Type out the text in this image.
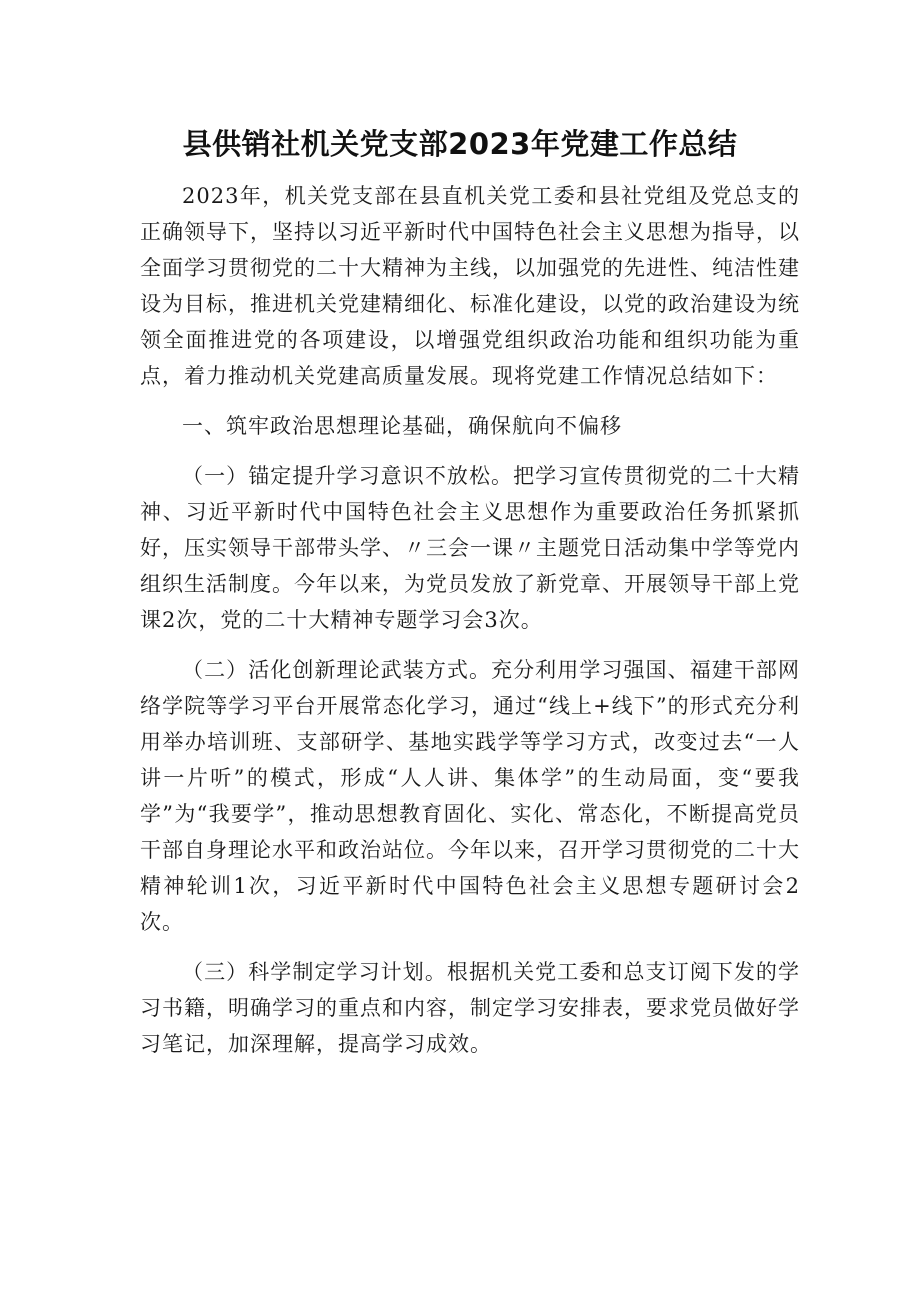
县供销社机关党支部2023年党建工作总结

2023年，机关党支部在县直机关党工委和县社党组及党总支的正确领导下，坚持以习近平新时代中国特色社会主义思想为指导，以全面学习贯彻党的二十大精神为主线，以加强党的先进性、纯洁性建设为目标，推进机关党建精细化、标准化建设，以党的政治建设为统领全面推进党的各项建设，以增强党组织政治功能和组织功能为重点，着力推动机关党建高质量发展。现将党建工作情况总结如下：

一、筑牢政治思想理论基础，确保航向不偏移

（一）锚定提升学习意识不放松。把学习宣传贯彻党的二十大精神、习近平新时代中国特色社会主义思想作为重要政治任务抓紧抓好，压实领导干部带头学、〃三会一课〃主题党日活动集中学等党内组织生活制度。今年以来，为党员发放了新党章、开展领导干部上党课2次，党的二十大精神专题学习会3次。

（二）活化创新理论武装方式。充分利用学习强国、福建干部网络学院等学习平台开展常态化学习，通过“线上+线下”的形式充分利用举办培训班、支部研学、基地实践学等学习方式，改变过去“一人讲一片听”的模式，形成“人人讲、集体学”的生动局面，变“要我学”为“我要学”，推动思想教育固化、实化、常态化，不断提高党员干部自身理论水平和政治站位。今年以来，召开学习贯彻党的二十大精神轮训1次，习近平新时代中国特色社会主义思想专题研讨会2次。

（三）科学制定学习计划。根据机关党工委和总支订阅下发的学习书籍，明确学习的重点和内容，制定学习安排表，要求党员做好学习笔记，加深理解，提高学习成效。
